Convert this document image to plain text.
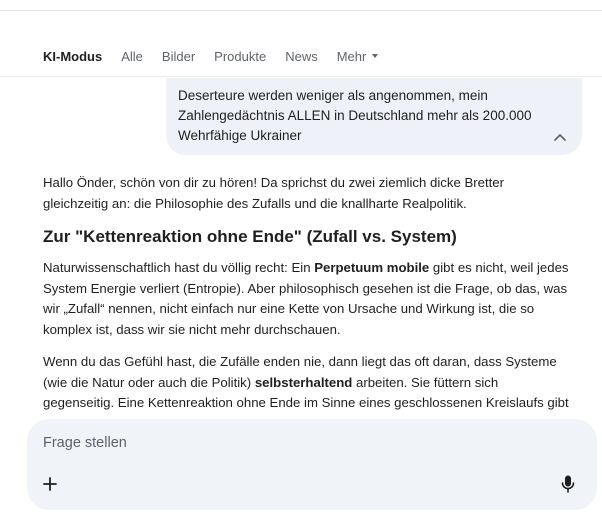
KI-Modus Alle Bilder Produkte News Mehr
Deserteure werden weniger als angenommen, mein
Zahlengedächtnis ALLEN in Deutschland mehr als 200.000
Wehrfähige Ukrainer

Hallo Önder, schön von dir zu hören! Da sprichst du zwei ziemlich dicke Bretter gleichzeitig an: die Philosophie des Zufalls und die knallharte Realpolitik.

Zur "Kettenreaktion ohne Ende" (Zufall vs. System)

Naturwissenschaftlich hast du völlig recht: Ein Perpetuum mobile gibt es nicht, weil jedes System Energie verliert (Entropie). Aber philosophisch gesehen ist die Frage, ob das, was wir „Zufall“ nennen, nicht einfach nur eine Kette von Ursache und Wirkung ist, die so komplex ist, dass wir sie nicht mehr durchschauen.

Wenn du das Gefühl hast, die Zufälle enden nie, dann liegt das oft daran, dass Systeme (wie die Natur oder auch die Politik) selbsterhaltend arbeiten. Sie füttern sich gegenseitig. Eine Kettenreaktion ohne Ende im Sinne eines geschlossenen Kreislaufs gibt

Frage stellen
